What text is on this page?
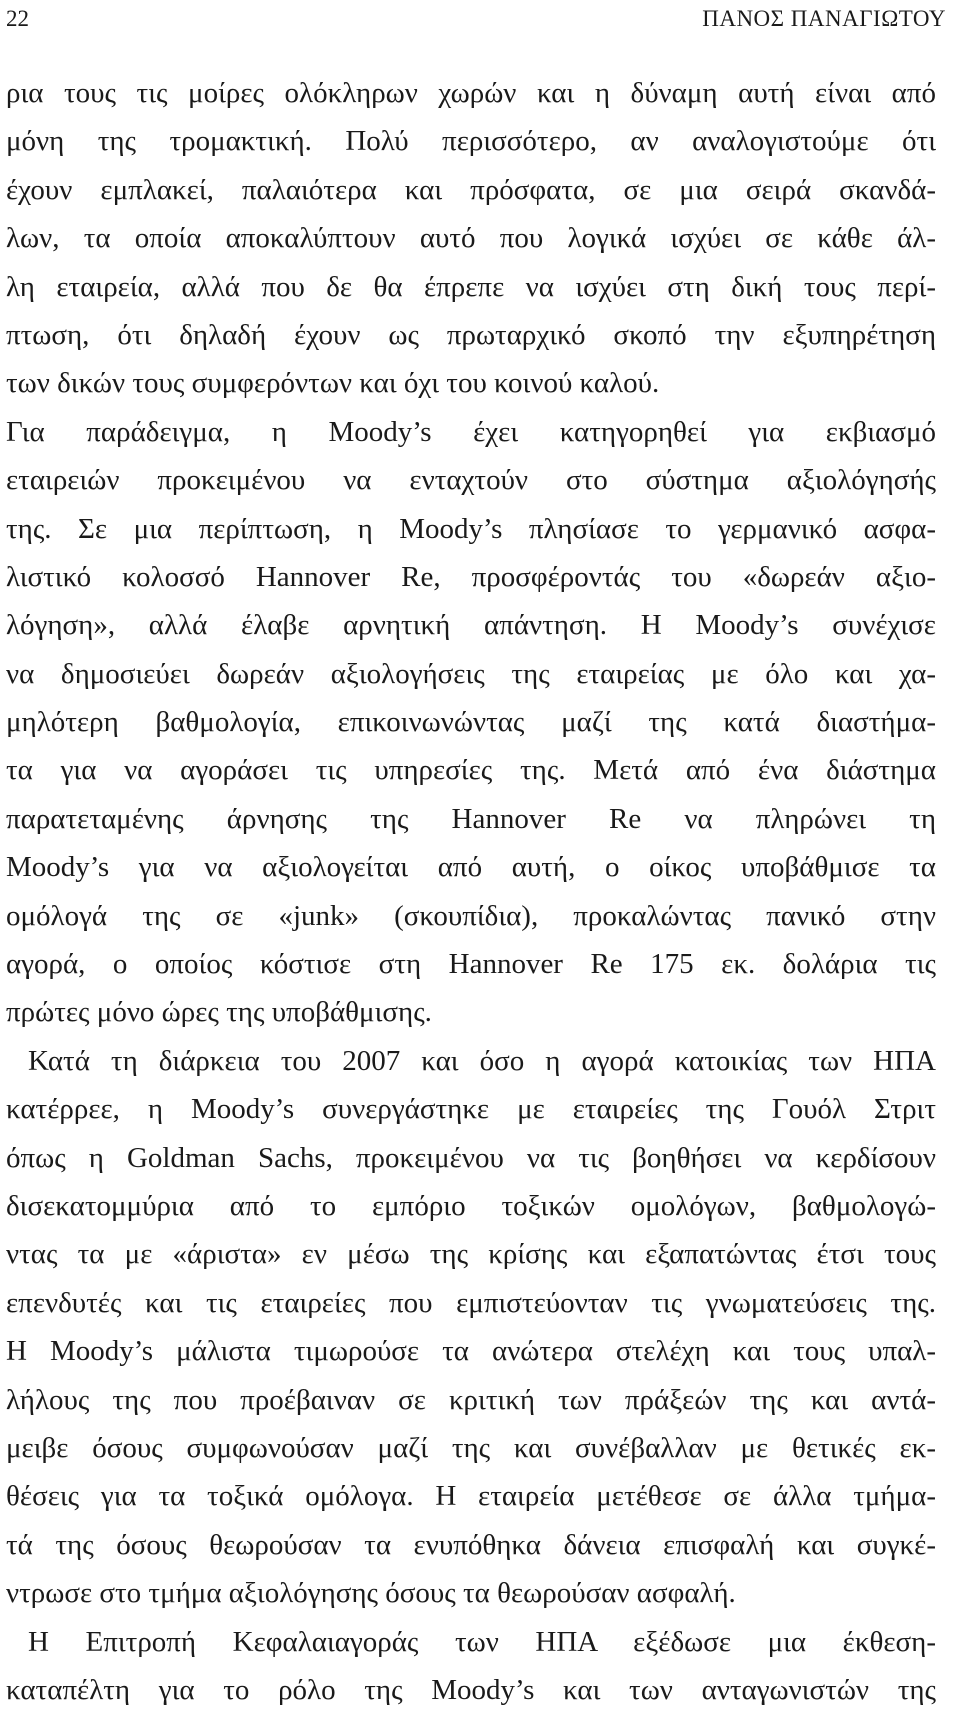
22	ΠΑΝΟΣ ΠΑΝΑΓΙΩΤΟΥ
ρια τους τις μοίρες ολόκληρων χωρών και η δύναμη αυτή είναι από
μόνη της τρομακτική. Πολύ περισσότερο, αν αναλογιστούμε ότι
έχουν εμπλακεί, παλαιότερα και πρόσφατα, σε μια σειρά σκανδά-
λων, τα οποία αποκαλύπτουν αυτό που λογικά ισχύει σε κάθε άλ-
λη εταιρεία, αλλά που δε θα έπρεπε να ισχύει στη δική τους περί-
πτωση, ότι δηλαδή έχουν ως πρωταρχικό σκοπό την εξυπηρέτηση
των δικών τους συμφερόντων και όχι του κοινού καλού.
Για παράδειγμα, η Moody’s έχει κατηγορηθεί για εκβιασμό
εταιρειών προκειμένου να ενταχτούν στο σύστημα αξιολόγησής
της. Σε μια περίπτωση, η Moody’s πλησίασε το γερμανικό ασφα-
λιστικό κολοσσό Hannover Re, προσφέροντάς του «δωρεάν αξιο-
λόγηση», αλλά έλαβε αρνητική απάντηση. Η Moody’s συνέχισε
να δημοσιεύει δωρεάν αξιολογήσεις της εταιρείας με όλο και χα-
μηλότερη βαθμολογία, επικοινωνώντας μαζί της κατά διαστήμα-
τα για να αγοράσει τις υπηρεσίες της. Μετά από ένα διάστημα
παρατεταμένης άρνησης της Hannover Re να πληρώνει τη
Moody’s για να αξιολογείται από αυτή, ο οίκος υποβάθμισε τα
ομόλογά της σε «junk» (σκουπίδια), προκαλώντας πανικό στην
αγορά, ο οποίος κόστισε στη Hannover Re 175 εκ. δολάρια τις
πρώτες μόνο ώρες της υποβάθμισης.
Κατά τη διάρκεια του 2007 και όσο η αγορά κατοικίας των ΗΠΑ
κατέρρεε, η Moody’s συνεργάστηκε με εταιρείες της Γουόλ Στριτ
όπως η Goldman Sachs, προκειμένου να τις βοηθήσει να κερδίσουν
δισεκατομμύρια από το εμπόριο τοξικών ομολόγων, βαθμολογώ-
ντας τα με «άριστα» εν μέσω της κρίσης και εξαπατώντας έτσι τους
επενδυτές και τις εταιρείες που εμπιστεύονταν τις γνωματεύσεις της.
Η Moody’s μάλιστα τιμωρούσε τα ανώτερα στελέχη και τους υπαλ-
λήλους της που προέβαιναν σε κριτική των πράξεών της και αντά-
μειβε όσους συμφωνούσαν μαζί της και συνέβαλλαν με θετικές εκ-
θέσεις για τα τοξικά ομόλογα. Η εταιρεία μετέθεσε σε άλλα τμήμα-
τά της όσους θεωρούσαν τα ενυπόθηκα δάνεια επισφαλή και συγκέ-
ντρωσε στο τμήμα αξιολόγησης όσους τα θεωρούσαν ασφαλή.
Η Επιτροπή Κεφαλαιαγοράς των ΗΠΑ εξέδωσε μια έκθεση-
καταπέλτη για το ρόλο της Moody’s και των ανταγωνιστών της
